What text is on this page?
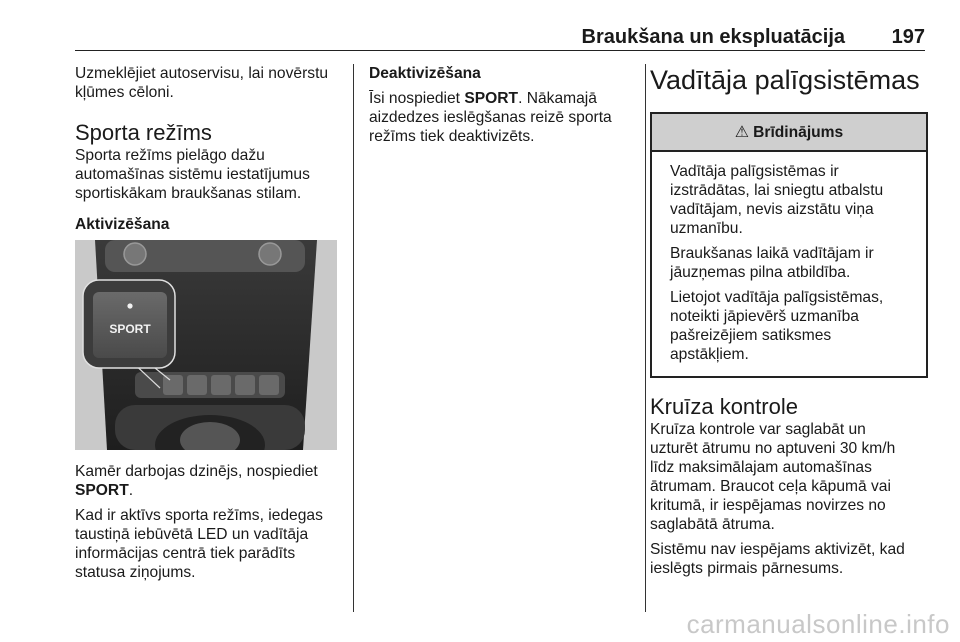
Braukšana un ekspluatācija 197

Uzmeklējiet autoservisu, lai novērstu
kļūmes cēloni.

Sporta režīms

Sporta režīms pielāgo dažu
automašīnas sistēmu iestatījumus
sportiskākam braukšanas stilam.

Aktivizēšana
SPORT

Kamēr darbojas dzinējs, nospiediet
SPORT.

Kad ir aktīvs sporta režīms, iedegas
taustiņā iebūvētā LED un vadītāja
informācijas centrā tiek parādīts
statusa ziņojums.

Deaktivizēšana

Īsi nospiediet SPORT. Nākamajā
aizdedzes ieslēgšanas reizē sporta
režīms tiek deaktivizēts.

Vadītāja palīgsistēmas
⚠ Brīdinājums

Vadītāja palīgsistēmas ir
izstrādātas, lai sniegtu atbalstu
vadītājam, nevis aizstātu viņa
uzmanību.

Braukšanas laikā vadītājam ir
jāuzņemas pilna atbildība.

Lietojot vadītāja palīgsistēmas,
noteikti jāpievērš uzmanība
pašreizējiem satiksmes
apstākļiem.

Kruīza kontrole

Kruīza kontrole var saglabāt un
uzturēt ātrumu no aptuveni 30 km/h
līdz maksimālajam automašīnas
ātrumam. Braucot ceļa kāpumā vai
kritumā, ir iespējamas novirzes no
saglabātā ātruma.

Sistēmu nav iespējams aktivizēt, kad
ieslēgts pirmais pārnesums.

carmanualsonline.info
